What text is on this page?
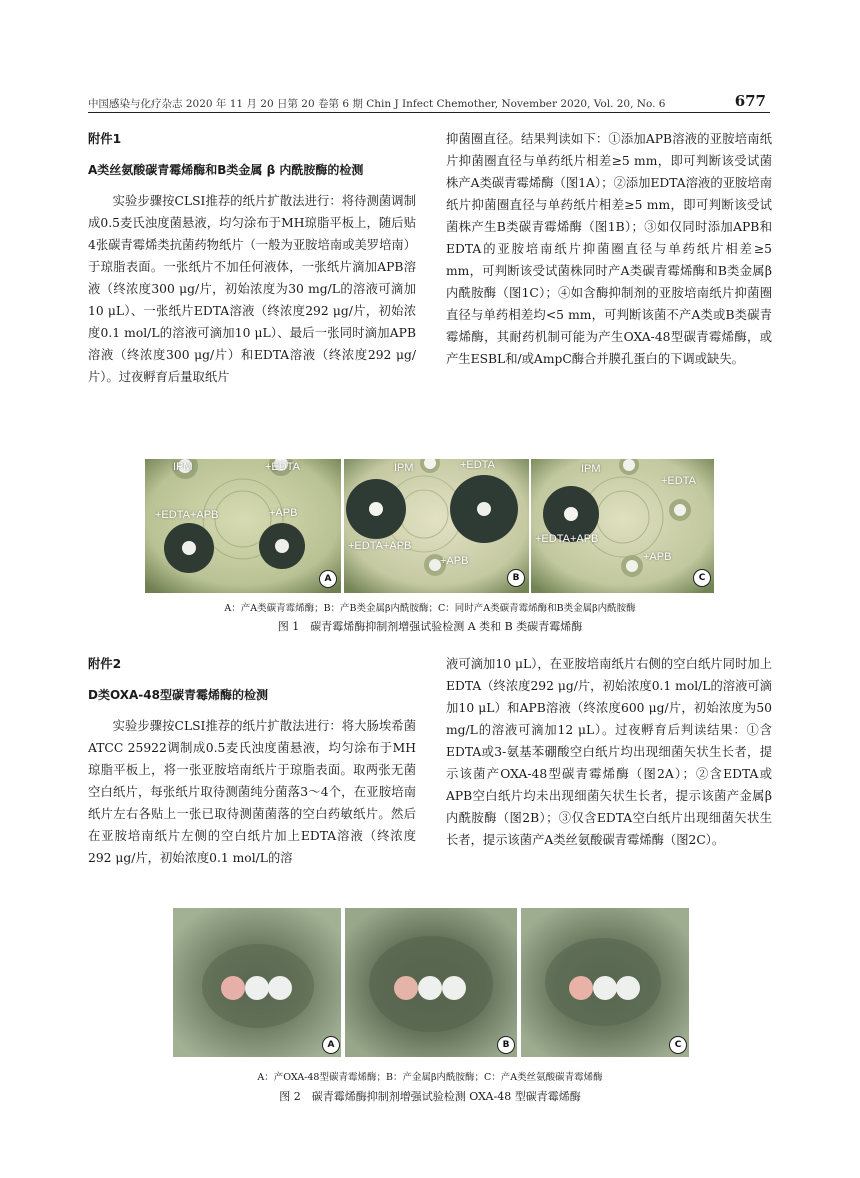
中国感染与化疗杂志 2020 年 11 月 20 日第 20 卷第 6 期 Chin J Infect Chemother, November 2020, Vol. 20, No. 6	677

附件1

A类丝氨酸碳青霉烯酶和B类金属 β 内酰胺酶的检测

实验步骤按CLSI推荐的纸片扩散法进行：将待测菌调制成0.5麦氏浊度菌悬液，均匀涂布于MH琼脂平板上，随后贴4张碳青霉烯类抗菌药物纸片（一般为亚胺培南或美罗培南）于琼脂表面。一张纸片不加任何液体，一张纸片滴加APB溶液（终浓度300 μg/片，初始浓度为30 mg/L的溶液可滴加10 μL）、一张纸片EDTA溶液（终浓度292 μg/片，初始浓度0.1 mol/L的溶液可滴加10 μL）、最后一张同时滴加APB溶液（终浓度300 μg/片）和EDTA溶液（终浓度292 μg/片）。过夜孵育后量取纸片

抑菌圈直径。结果判读如下：①添加APB溶液的亚胺培南纸片抑菌圈直径与单药纸片相差≥5 mm，即可判断该受试菌株产A类碳青霉烯酶（图1A）；②添加EDTA溶液的亚胺培南纸片抑菌圈直径与单药纸片相差≥5 mm，即可判断该受试菌株产生B类碳青霉烯酶（图1B）；③如仅同时添加APB和EDTA的亚胺培南纸片抑菌圈直径与单药纸片相差≥5 mm，可判断该受试菌株同时产A类碳青霉烯酶和B类金属β内酰胺酶（图1C）；④如含酶抑制剂的亚胺培南纸片抑菌圈直径与单药相差均<5 mm，可判断该菌不产A类或B类碳青霉烯酶，其耐药机制可能为产生OXA-48型碳青霉烯酶，或产生ESBL和/或AmpC酶合并膜孔蛋白的下调或缺失。

IPM	+EDTA
+EDTA+APB	+APB
A
IPM	+EDTA
+EDTA+APB
+APB
B
IPM
+EDTA
+EDTA+APB
+APB
C
A：产A类碳青霉烯酶；B：产B类金属β内酰胺酶；C：同时产A类碳青霉烯酶和B类金属β内酰胺酶
图 1　碳青霉烯酶抑制剂增强试验检测 A 类和 B 类碳青霉烯酶

附件2

D类OXA-48型碳青霉烯酶的检测

实验步骤按CLSI推荐的纸片扩散法进行：将大肠埃希菌ATCC 25922调制成0.5麦氏浊度菌悬液，均匀涂布于MH琼脂平板上，将一张亚胺培南纸片于琼脂表面。取两张无菌空白纸片，每张纸片取待测菌纯分菌落3～4个，在亚胺培南纸片左右各贴上一张已取待测菌菌落的空白药敏纸片。然后在亚胺培南纸片左侧的空白纸片加上EDTA溶液（终浓度292 μg/片，初始浓度0.1 mol/L的溶

液可滴加10 μL），在亚胺培南纸片右侧的空白纸片同时加上EDTA（终浓度292 μg/片，初始浓度0.1 mol/L的溶液可滴加10 μL）和APB溶液（终浓度600 μg/片，初始浓度为50 mg/L的溶液可滴加12 μL）。过夜孵育后判读结果：①含EDTA或3-氨基苯硼酸空白纸片均出现细菌矢状生长者，提示该菌产OXA-48型碳青霉烯酶（图2A）；②含EDTA或APB空白纸片均未出现细菌矢状生长者，提示该菌产金属β内酰胺酶（图2B）；③仅含EDTA空白纸片出现细菌矢状生长者，提示该菌产A类丝氨酸碳青霉烯酶（图2C）。

A	B	C
A：产OXA-48型碳青霉烯酶；B：产金属β内酰胺酶；C：产A类丝氨酸碳青霉烯酶
图 2　碳青霉烯酶抑制剂增强试验检测 OXA-48 型碳青霉烯酶
